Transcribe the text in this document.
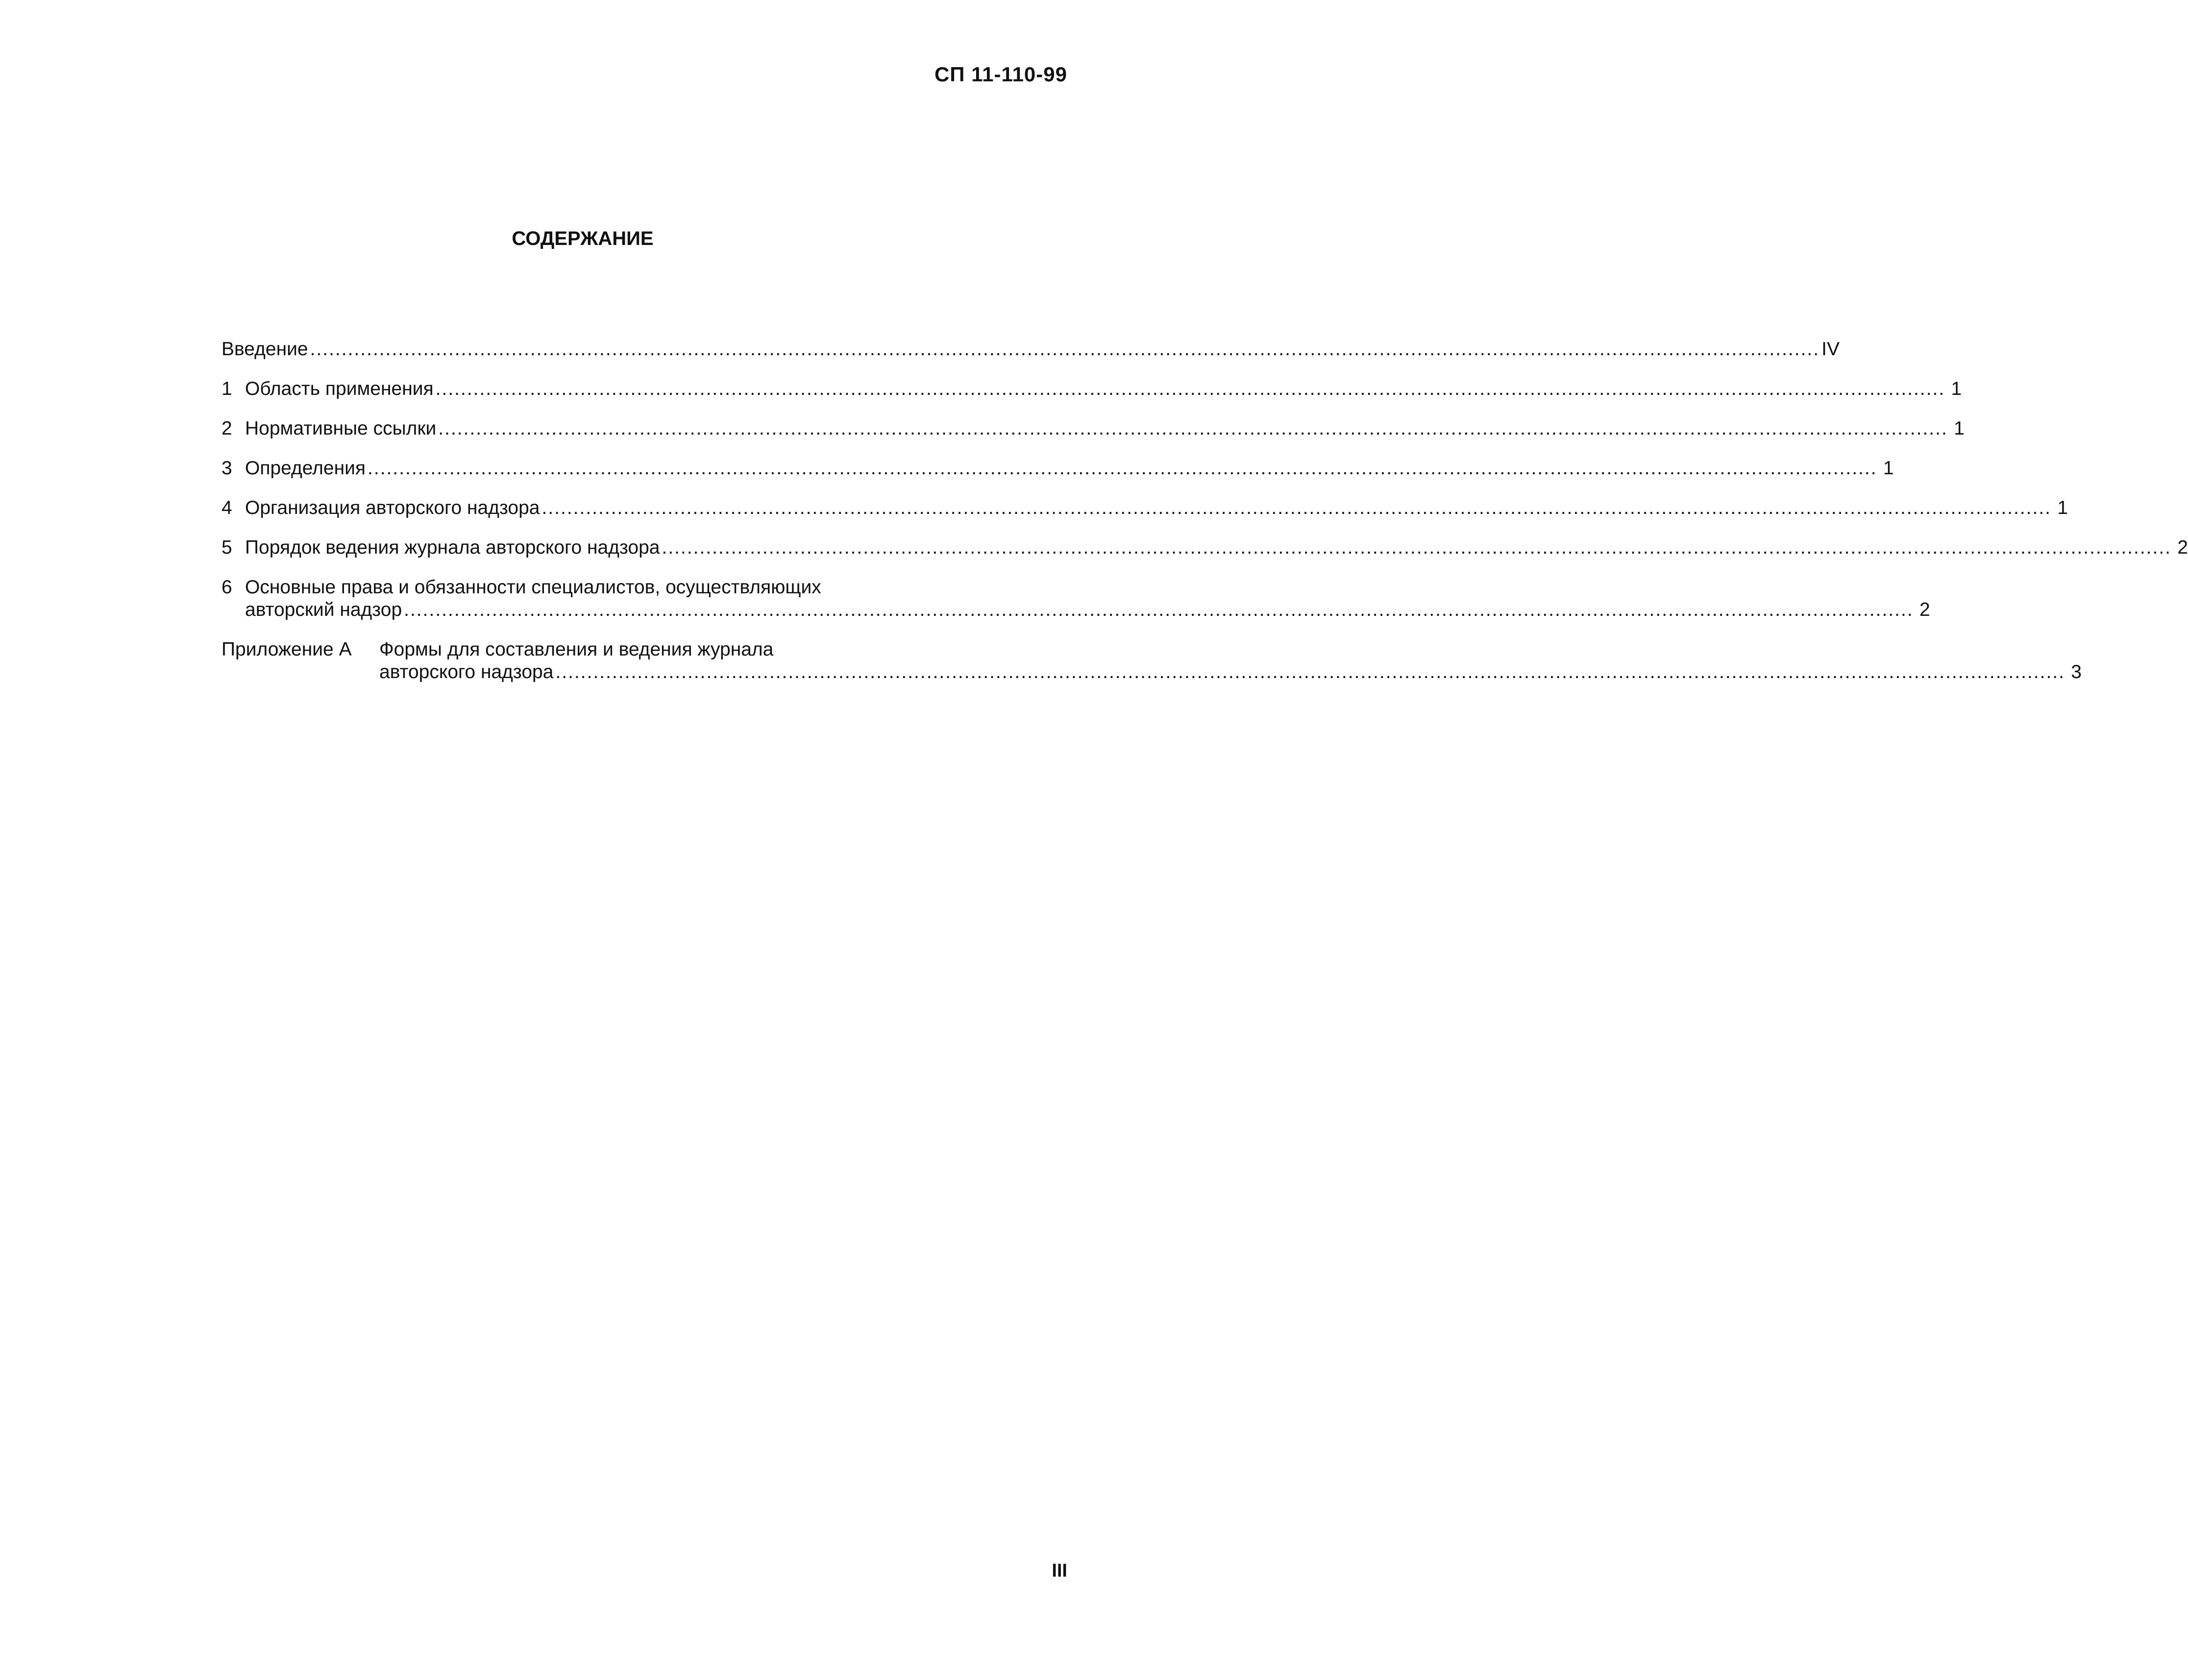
СП 11-110-99
СОДЕРЖАНИЕ
Введение .....	IV
1 Область применения .....	1
2 Нормативные ссылки .....	1
3 Определения .....	1
4 Организация авторского надзора .....	1
5 Порядок ведения журнала авторского надзора .....	2
6 Основные права и обязанности специалистов, осуществляющих
авторский надзор .....	2
Приложение А	Формы для составления и ведения журнала
авторского надзора .....	3
III
